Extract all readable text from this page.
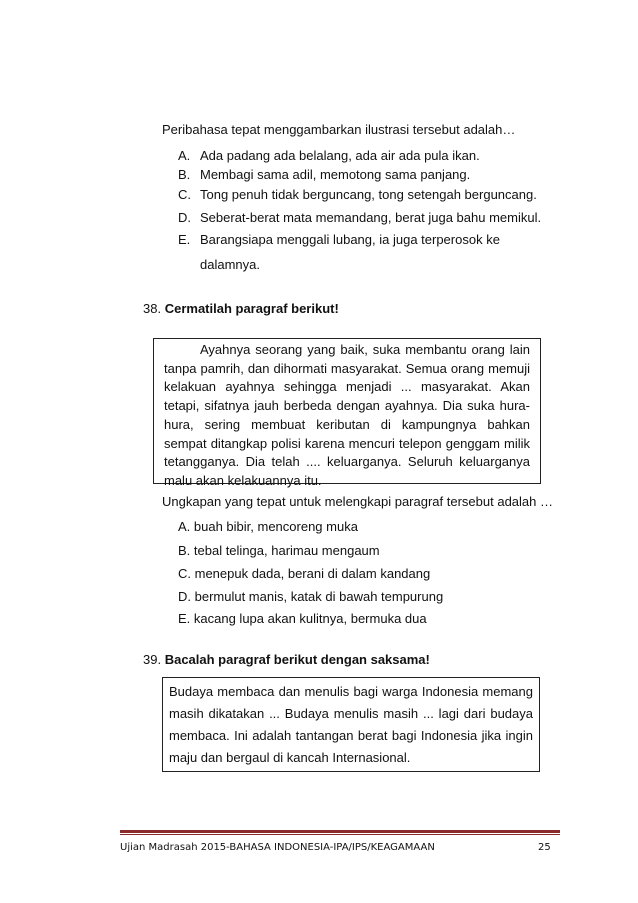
Peribahasa tepat menggambarkan ilustrasi tersebut adalah…
A. Ada padang ada belalang, ada air ada pula ikan.
B. Membagi sama adil, memotong sama panjang.
C. Tong penuh tidak berguncang, tong setengah berguncang.
D. Seberat-berat mata memandang, berat juga bahu memikul.
E. Barangsiapa menggali lubang, ia juga terperosok ke
dalamnya.
38. Cermatilah paragraf berikut!
Ayahnya seorang yang baik, suka membantu orang lain tanpa pamrih, dan dihormati masyarakat. Semua orang memuji kelakuan ayahnya sehingga menjadi ... masyarakat. Akan tetapi, sifatnya jauh berbeda dengan ayahnya. Dia suka hura-hura, sering membuat keributan di kampungnya bahkan sempat ditangkap polisi karena mencuri telepon genggam milik tetangganya. Dia telah .... keluarganya. Seluruh keluarganya malu akan kelakuannya itu.
Ungkapan yang tepat untuk melengkapi paragraf tersebut adalah …
A. buah bibir, mencoreng muka
B. tebal telinga, harimau mengaum
C. menepuk dada, berani di dalam kandang
D. bermulut manis, katak di bawah tempurung
E. kacang lupa akan kulitnya, bermuka dua
39. Bacalah paragraf berikut dengan saksama!
Budaya membaca dan menulis bagi warga Indonesia memang masih dikatakan ... Budaya menulis masih ... lagi dari budaya membaca. Ini adalah tantangan berat bagi Indonesia jika ingin maju dan bergaul di kancah Internasional.
Ujian Madrasah 2015-BAHASA INDONESIA-IPA/IPS/KEAGAMAAN	25
